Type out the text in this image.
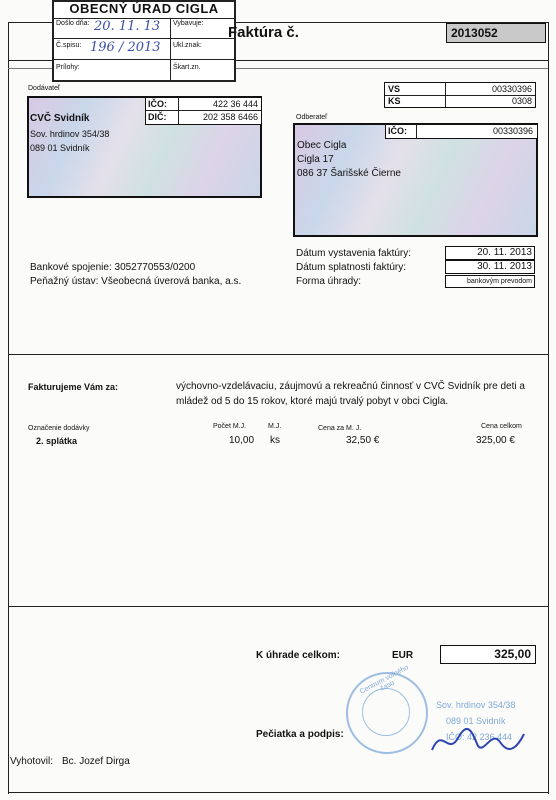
OBECNÝ ÚRAD CIGLA
Došlo dňa: 20. 11. 13 Vybavuje:
Č.spisu: 196 / 2013 Ukl.znak:
Prílohy:	Škart.zn.
Faktúra č.	2013052
Dodávateľ
CVČ Svidník
Sov. hrdinov 354/38
089 01 Svidník
IČO:	422 36 444
DIČ:	202 358 6466
VS	00330396
KS	0308
Odberateľ
IČO:	00330396
Obec Cigla
Cigla 17
086 37 Šarišské Čierne
Bankové spojenie: 3052770553/0200
Peňažný ústav: Všeobecná úverová banka, a.s.
Dátum vystavenia faktúry:	20. 11. 2013
Dátum splatnosti faktúry:	30. 11. 2013
Forma úhrady:	bankovým prevodom
Fakturujeme Vám za:	výchovno-vzdelávaciu, záujmovú a rekreačnú činnosť v CVČ Svidník pre deti a
mládež od 5 do 15 rokov, ktoré majú trvalý pobyt v obci Cigla.
Označenie dodávky	Počet M.J.	M.J.	Cena za M. J.	Cena celkom
2. splátka	10,00 ks	32,50 €	325,00 €
K úhrade celkom:	EUR	325,00
Centrum voľného času
Sov. hrdinov 354/38
089 01 Svidník
IČO: 42 236 444
Pečiatka a podpis:
Vyhotovil: Bc. Jozef Dirga
